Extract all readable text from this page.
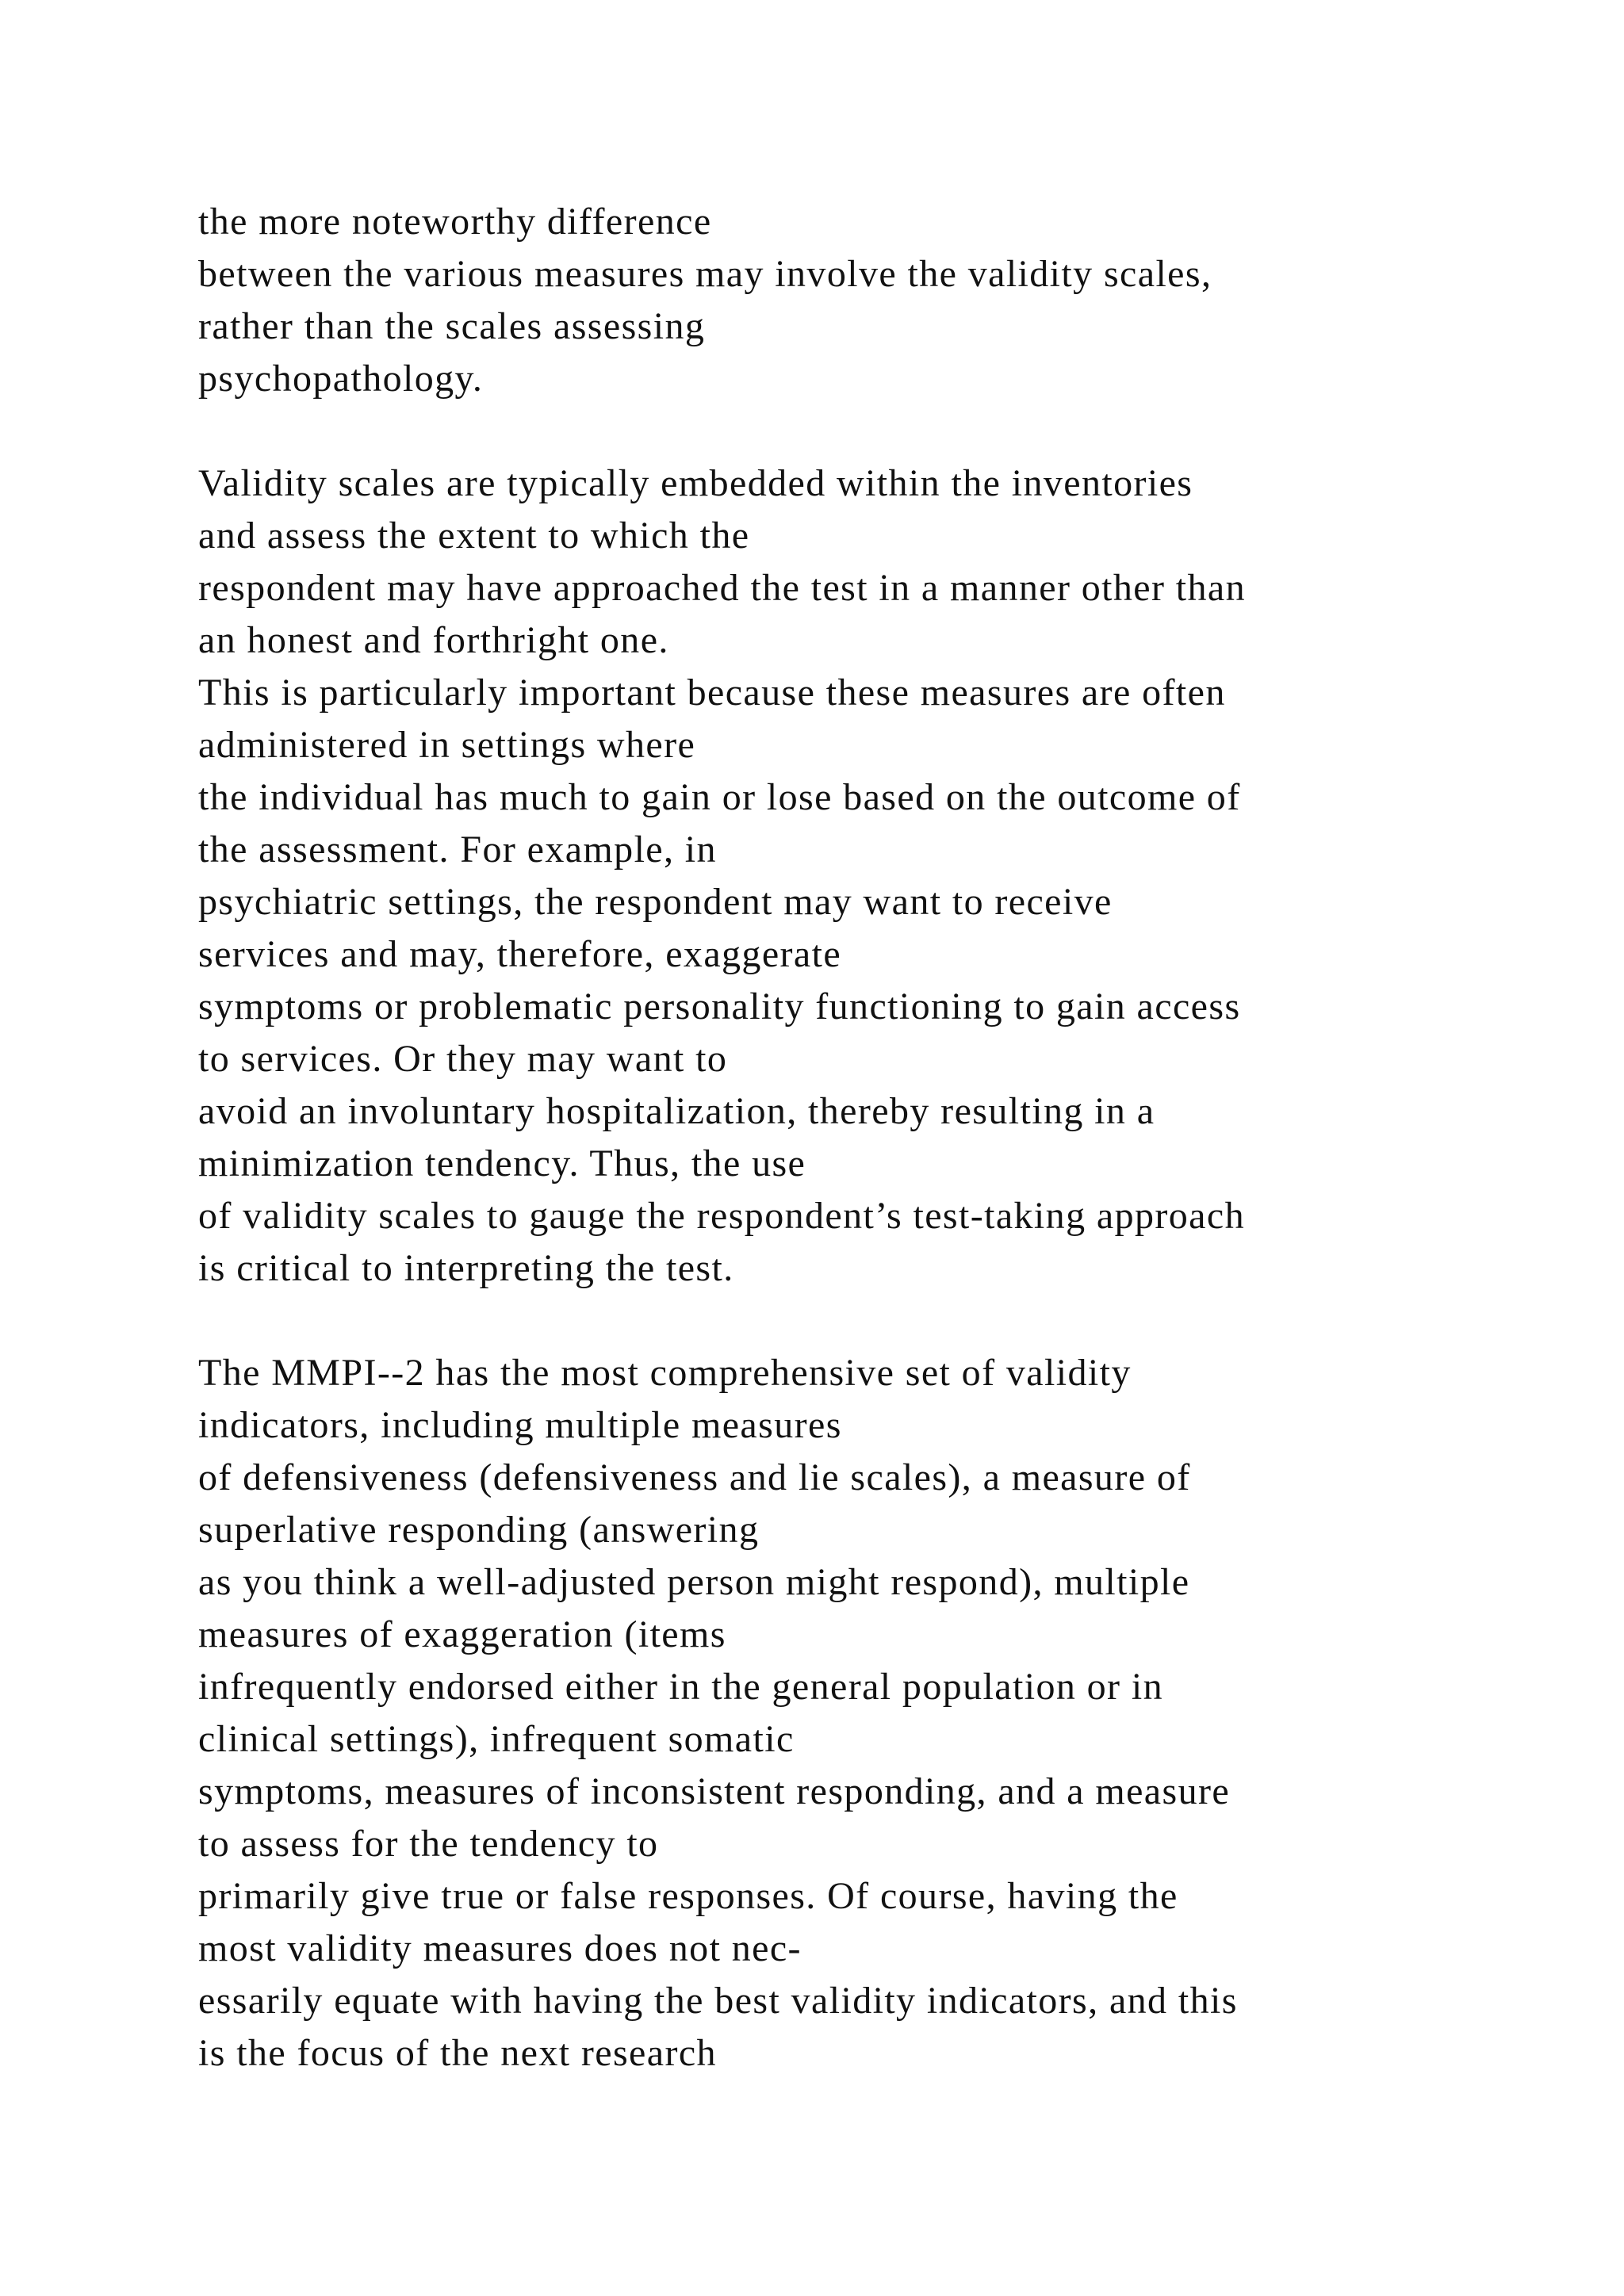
the more noteworthy difference
between the various measures may involve the validity scales,
rather than the scales assessing
psychopathology.
Validity scales are typically embedded within the inventories
and assess the extent to which the
respondent may have approached the test in a manner other than
an honest and forthright one.
This is particularly important because these measures are often
administered in settings where
the individual has much to gain or lose based on the outcome of
the assessment. For example, in
psychiatric settings, the respondent may want to receive
services and may, therefore, exaggerate
symptoms or problematic personality functioning to gain access
to services. Or they may want to
avoid an involuntary hospitalization, thereby resulting in a
minimization tendency. Thus, the use
of validity scales to gauge the respondent’s test-taking approach
is critical to interpreting the test.
The MMPI--2 has the most comprehensive set of validity
indicators, including multiple measures
of defensiveness (defensiveness and lie scales), a measure of
superlative responding (answering
as you think a well-adjusted person might respond), multiple
measures of exaggeration (items
infrequently endorsed either in the general population or in
clinical settings), infrequent somatic
symptoms, measures of inconsistent responding, and a measure
to assess for the tendency to
primarily give true or false responses. Of course, having the
most validity measures does not nec-
essarily equate with having the best validity indicators, and this
is the focus of the next research
